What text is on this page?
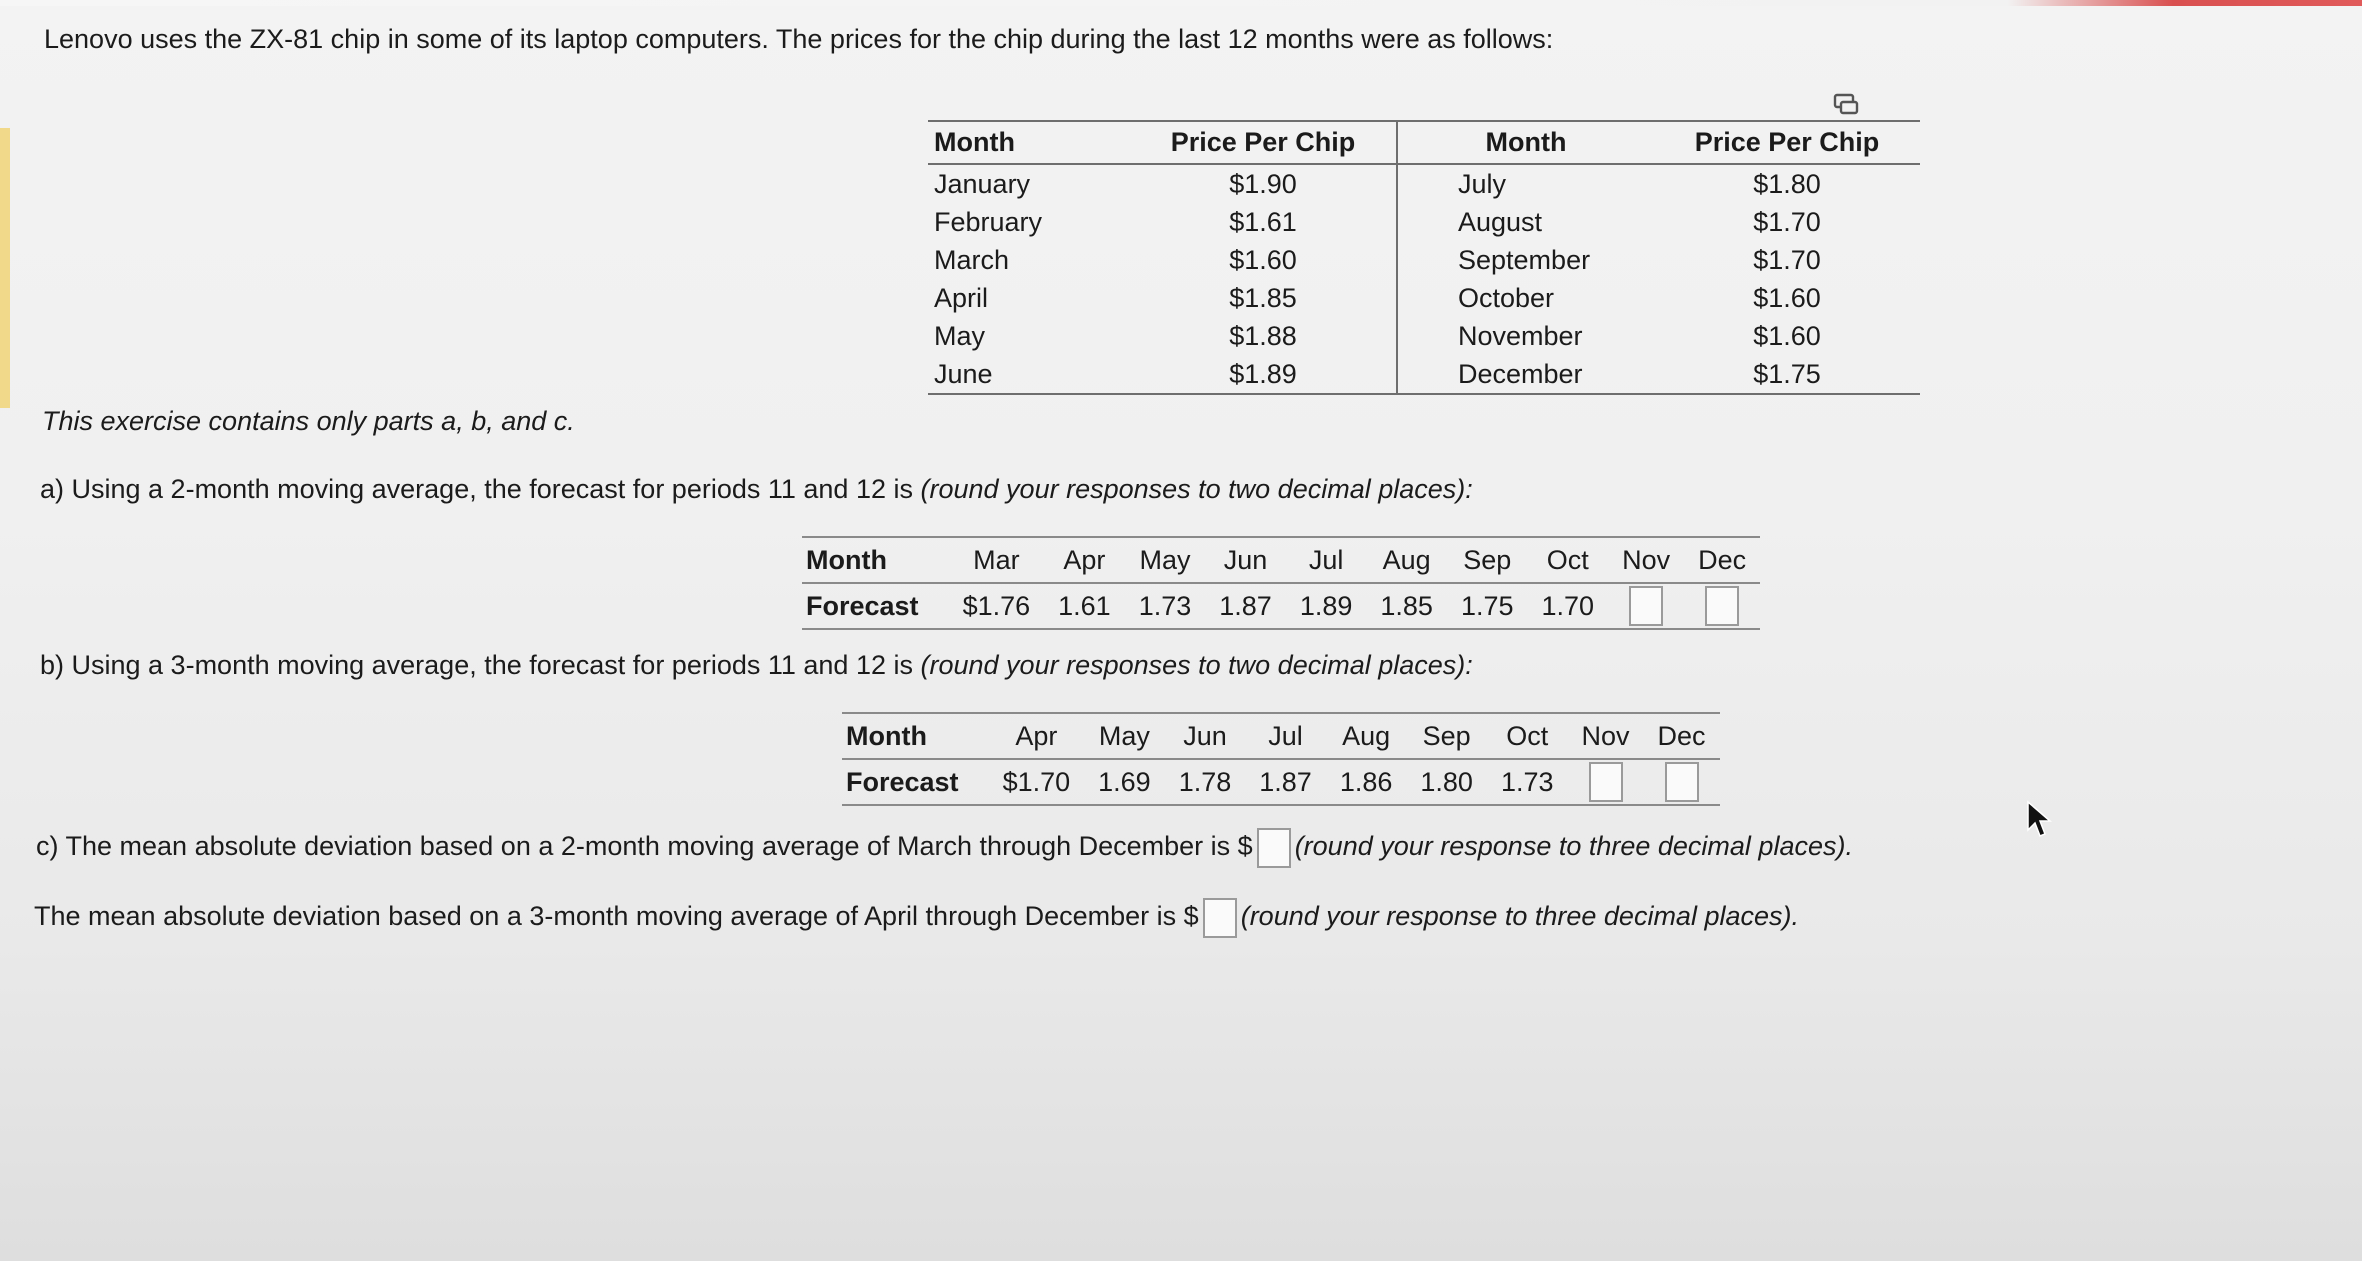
Lenovo uses the ZX-81 chip in some of its laptop computers. The prices for the chip during the last 12 months were as follows:
Month	Price Per Chip	Month	Price Per Chip
January	$1.90	July	$1.80
February	$1.61	August	$1.70
March	$1.60	September	$1.70
April	$1.85	October	$1.60
May	$1.88	November	$1.60
June	$1.89	December	$1.75
This exercise contains only parts a, b, and c.
a) Using a 2-month moving average, the forecast for periods 11 and 12 is (round your responses to two decimal places):
Month	Mar	Apr	May	Jun	Jul	Aug	Sep	Oct	Nov	Dec
Forecast	$1.76	1.61	1.73	1.87	1.89	1.85	1.75	1.70		
b) Using a 3-month moving average, the forecast for periods 11 and 12 is (round your responses to two decimal places):
Month	Apr	May	Jun	Jul	Aug	Sep	Oct	Nov	Dec
Forecast	$1.70	1.69	1.78	1.87	1.86	1.80	1.73		
c) The mean absolute deviation based on a 2-month moving average of March through December is $ (round your response to three decimal places).
The mean absolute deviation based on a 3-month moving average of April through December is $ (round your response to three decimal places).
